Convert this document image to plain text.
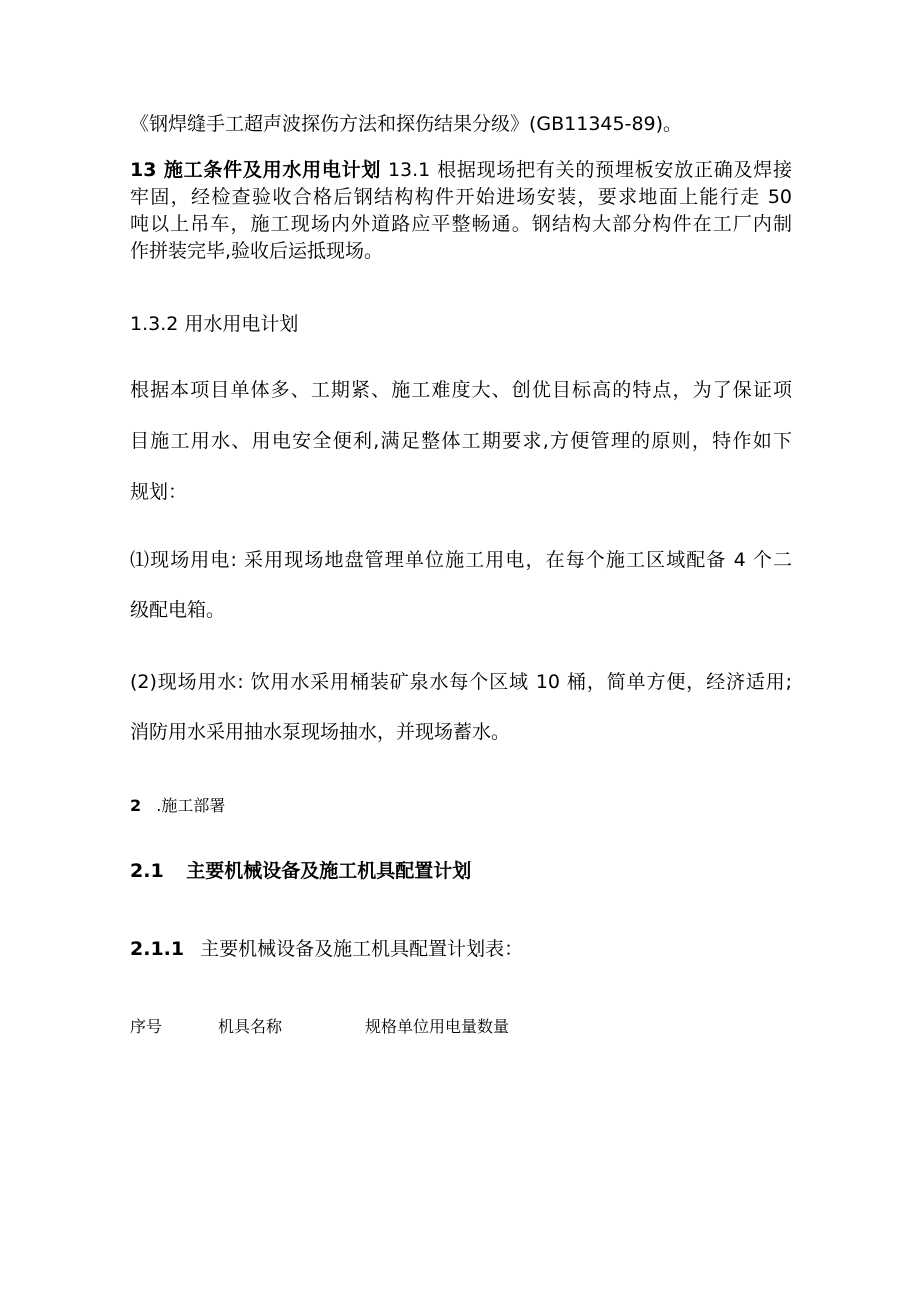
《钢焊缝手工超声波探伤方法和探伤结果分级》(GB11345-89)。
13 施工条件及用水用电计划 13.1 根据现场把有关的预埋板安放正确及焊接
牢固，经检查验收合格后钢结构构件开始进场安装，要求地面上能行走 50
吨以上吊车，施工现场内外道路应平整畅通。钢结构大部分构件在工厂内制
作拼装完毕,验收后运抵现场。
1.3.2 用水用电计划
根据本项目单体多、工期紧、施工难度大、创优目标高的特点，为了保证项
目施工用水、用电安全便利,满足整体工期要求,方便管理的原则，特作如下
规划：
⑴现场用电: 采用现场地盘管理单位施工用电，在每个施工区域配备 4 个二
级配电箱。
(2)现场用水: 饮用水采用桶装矿泉水每个区域 10 桶，简单方便，经济适用;
消防用水采用抽水泵现场抽水，并现场蓄水。
2 .施工部署
2.1 主要机械设备及施工机具配置计划
2.1.1 主要机械设备及施工机具配置计划表：
序号	机具名称	规格单位用电量数量
